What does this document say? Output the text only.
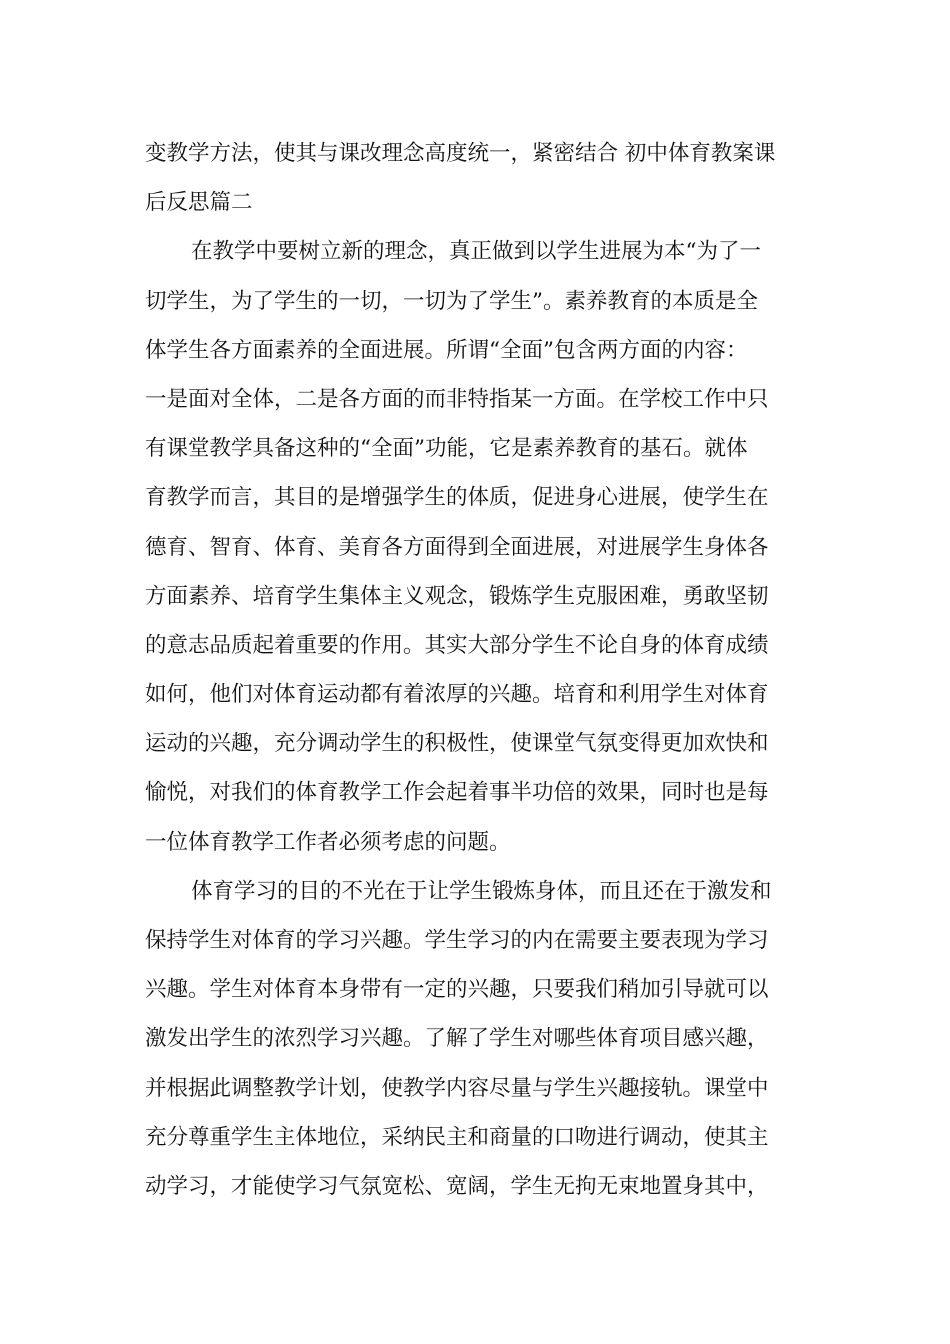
变教学方法，使其与课改理念高度统一，紧密结合 初中体育教案课
后反思篇二
在教学中要树立新的理念，真正做到以学生进展为本“为了一
切学生，为了学生的一切，一切为了学生”。素养教育的本质是全
体学生各方面素养的全面进展。所谓“全面”包含两方面的内容：
一是面对全体，二是各方面的而非特指某一方面。在学校工作中只
有课堂教学具备这种的“全面”功能，它是素养教育的基石。就体
育教学而言，其目的是增强学生的体质，促进身心进展，使学生在
德育、智育、体育、美育各方面得到全面进展，对进展学生身体各
方面素养、培育学生集体主义观念，锻炼学生克服困难，勇敢坚韧
的意志品质起着重要的作用。其实大部分学生不论自身的体育成绩
如何，他们对体育运动都有着浓厚的兴趣。培育和利用学生对体育
运动的兴趣，充分调动学生的积极性，使课堂气氛变得更加欢快和
愉悦，对我们的体育教学工作会起着事半功倍的效果，同时也是每
一位体育教学工作者必须考虑的问题。
体育学习的目的不光在于让学生锻炼身体，而且还在于激发和
保持学生对体育的学习兴趣。学生学习的内在需要主要表现为学习
兴趣。学生对体育本身带有一定的兴趣，只要我们稍加引导就可以
激发出学生的浓烈学习兴趣。了解了学生对哪些体育项目感兴趣，
并根据此调整教学计划，使教学内容尽量与学生兴趣接轨。课堂中
充分尊重学生主体地位，采纳民主和商量的口吻进行调动，使其主
动学习，才能使学习气氛宽松、宽阔，学生无拘无束地置身其中，
